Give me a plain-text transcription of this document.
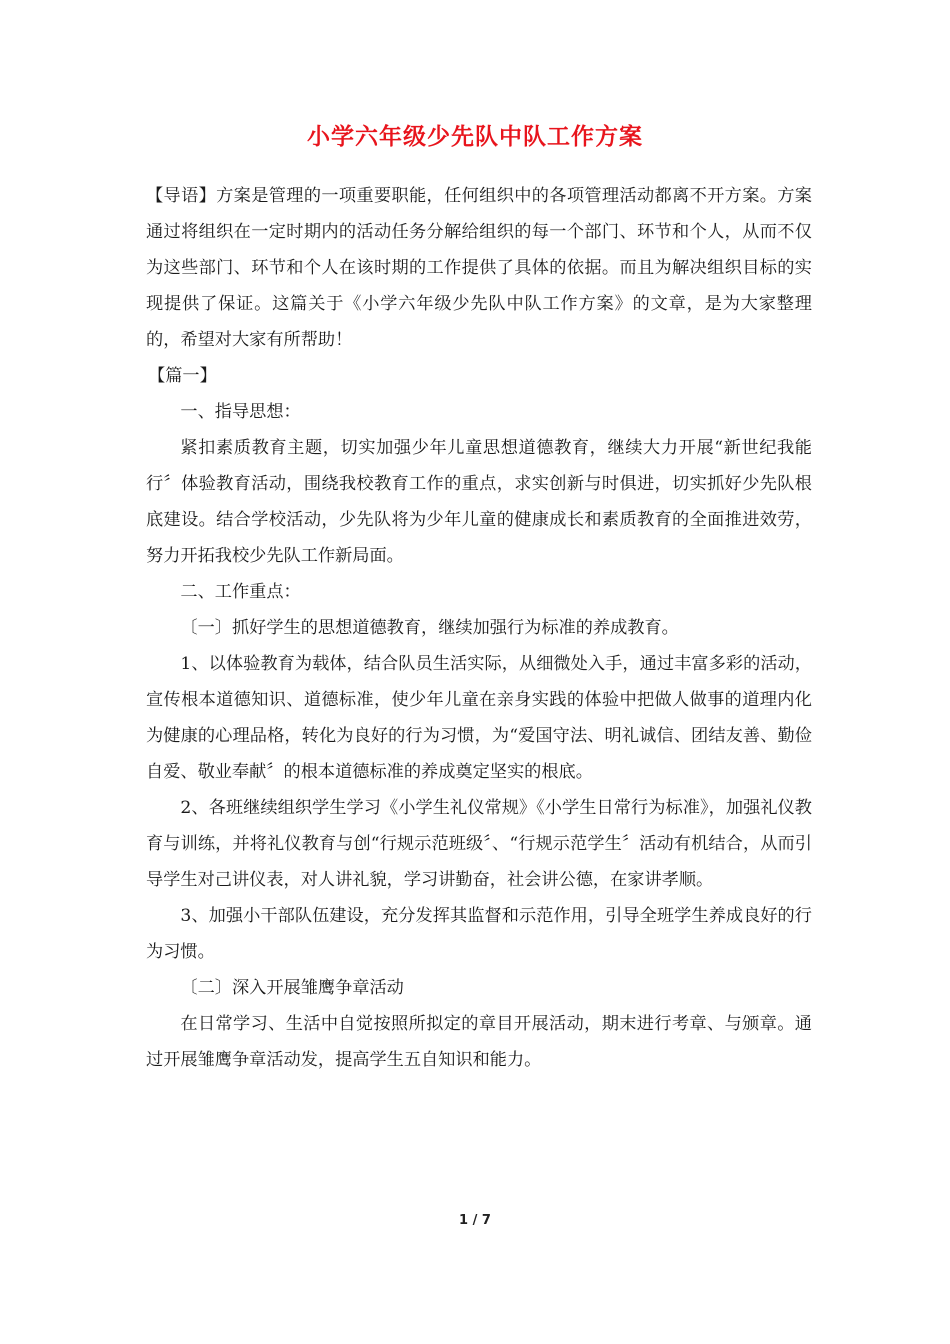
小学六年级少先队中队工作方案

【导语】方案是管理的一项重要职能，任何组织中的各项管理活动都离不开方案。方案通过将组织在一定时期内的活动任务分解给组织的每一个部门、环节和个人，从而不仅为这些部门、环节和个人在该时期的工作提供了具体的依据。而且为解决组织目标的实现提供了保证。这篇关于《小学六年级少先队中队工作方案》的文章，是为大家整理的，希望对大家有所帮助！

【篇一】

一、指导思想：

紧扣素质教育主题，切实加强少年儿童思想道德教育，继续大力开展“新世纪我能行〞体验教育活动，围绕我校教育工作的重点，求实创新与时俱进，切实抓好少先队根底建设。结合学校活动，少先队将为少年儿童的健康成长和素质教育的全面推进效劳，努力开拓我校少先队工作新局面。

二、工作重点：

〔一〕抓好学生的思想道德教育，继续加强行为标准的养成教育。

1、以体验教育为载体，结合队员生活实际，从细微处入手，通过丰富多彩的活动，宣传根本道德知识、道德标准，使少年儿童在亲身实践的体验中把做人做事的道理内化为健康的心理品格，转化为良好的行为习惯，为“爱国守法、明礼诚信、团结友善、勤俭自爱、敬业奉献〞的根本道德标准的养成奠定坚实的根底。

2、各班继续组织学生学习《小学生礼仪常规》《小学生日常行为标准》，加强礼仪教育与训练，并将礼仪教育与创“行规示范班级〞、“行规示范学生〞活动有机结合，从而引导学生对己讲仪表，对人讲礼貌，学习讲勤奋，社会讲公德，在家讲孝顺。

3、加强小干部队伍建设，充分发挥其监督和示范作用，引导全班学生养成良好的行为习惯。

〔二〕深入开展雏鹰争章活动

在日常学习、生活中自觉按照所拟定的章目开展活动，期末进行考章、与颁章。通过开展雏鹰争章活动发，提高学生五自知识和能力。

1 / 7
